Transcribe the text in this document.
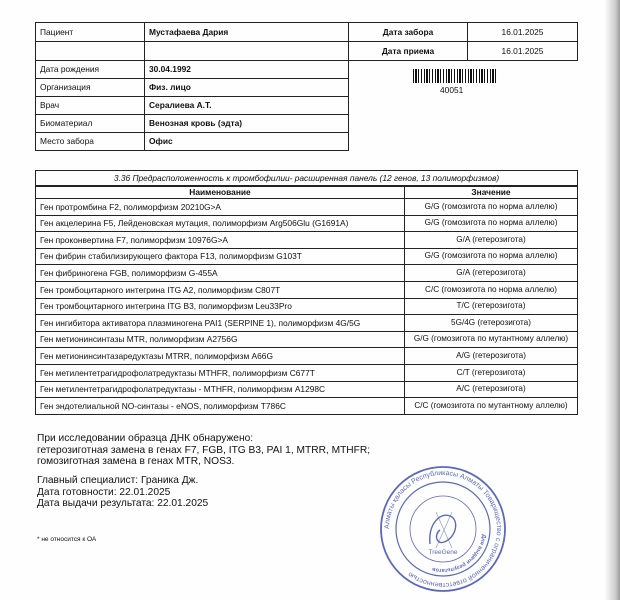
Пациент	Мустафаева Дария	Дата забора	16.01.2025
		Дата приема	16.01.2025
Дата рождения	30.04.1992		
Организация	Физ. лицо		
Врач	Сералиева А.Т.		
Биоматериал	Венозная кровь (эдта)		
Место забора	Офис		
40051
3.36 Предрасположенность к тромбофилии- расширенная панель (12 генов, 13 полиморфизмов)
Наименование	Значение
Ген протромбина F2, полиморфизм 20210G>A	G/G (гомозигота по норма аллелю)
Ген акцелерина F5, Лейденовская мутация, полиморфизм Arg506Glu (G1691A)	G/G (гомозигота по норма аллелю)
Ген проконвертина F7, полиморфизм 10976G>A	G/A (гетерозигота)
Ген фибрин стабилизирующего фактора F13, полиморфизм G103T	G/G (гомозигота по норма аллелю)
Ген фибриногена FGB, полиморфизм G-455A	G/A (гетерозигота)
Ген тромбоцитарного интегрина ITG A2, полиморфизм C807T	C/C (гомозигота по норма аллелю)
Ген тромбоцитарного интегрина ITG B3, полиморфизм Leu33Pro	T/C (гетерозигота)
Ген ингибитора активатора плазминогена PAI1 (SERPINE 1), полиморфизм 4G/5G	5G/4G (гетерозигота)
Ген метионинсинтазы MTR, полиморфизм A2756G	G/G (гомозигота по мутантному аллелю)
Ген метионинсинтазаредуктазы MTRR, полиморфизм A66G	A/G (гетерозигота)
Ген метилентетрагидрофолатредуктазы MTHFR, полиморфизм C677T	C/T (гетерозигота)
Ген метилентетрагидрофолатредуктазы - MTHFR, полиморфизм A1298C	A/C (гетерозигота)
Ген эндотелиальной NO-синтазы - eNOS, полиморфизм T786C	C/C (гомозигота по мутантному аллелю)
При исследовании образца ДНК обнаружено:
гетерозиготная замена в генах F7, FGB, ITG B3, PAI 1, MTRR, MTHFR;
гомозиготная замена в генах MTR, NOS3.
Главный специалист: Граника Дж.
Дата готовности: 22.01.2025
Дата выдачи результата: 22.01.2025
* не относится к ОА
Алматы қаласы Республикасы Алматы Товарищество с ограниченной ответственностью
Для выдачи результатов
TreeGene
